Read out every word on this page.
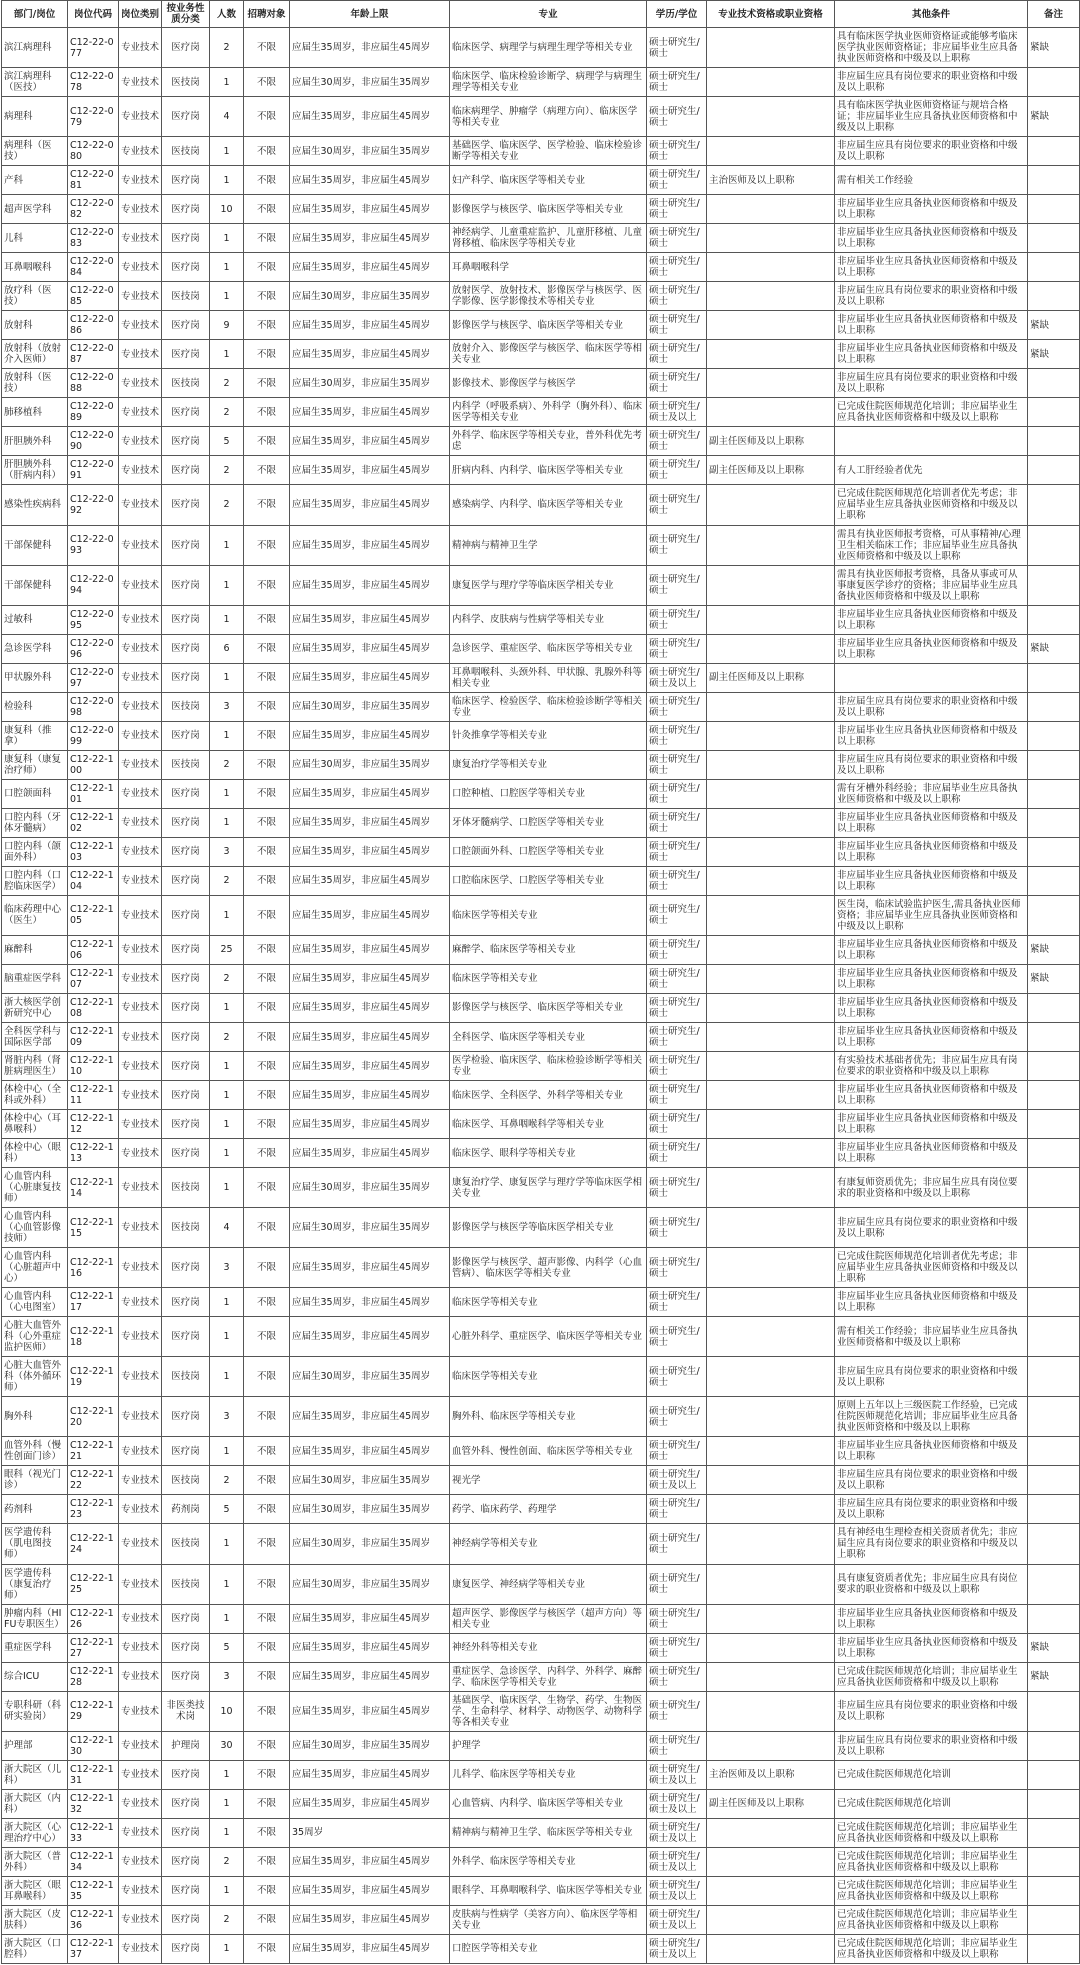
部门/岗位	岗位代码	岗位类别	按业务性质分类	人数	招聘对象	年龄上限	专业	学历/学位	专业技术资格或职业资格	其他条件	备注
滨江病理科	C12-22-077	专业技术	医疗岗	2	不限	应届生35周岁，非应届生45周岁	临床医学、病理学与病理生理学等相关专业	硕士研究生/硕士		具有临床医学执业医师资格证或能够考临床医学执业医师资格证；非应届毕业生应具备执业医师资格和中级及以上职称	紧缺
滨江病理科（医技）	C12-22-078	专业技术	医技岗	1	不限	应届生30周岁，非应届生35周岁	临床医学、临床检验诊断学、病理学与病理生理学等相关专业	硕士研究生/硕士		非应届生应具有岗位要求的职业资格和中级及以上职称	
病理科	C12-22-079	专业技术	医疗岗	4	不限	应届生35周岁，非应届生45周岁	临床病理学、肿瘤学（病理方向）、临床医学等相关专业	硕士研究生/硕士		具有临床医学执业医师资格证与规培合格证；非应届毕业生应具备执业医师资格和中级及以上职称	紧缺
病理科（医技）	C12-22-080	专业技术	医技岗	1	不限	应届生30周岁，非应届生35周岁	基础医学、临床医学、医学检验、临床检验诊断学等相关专业	硕士研究生/硕士		非应届生应具有岗位要求的职业资格和中级及以上职称	
产科	C12-22-081	专业技术	医疗岗	1	不限	应届生35周岁，非应届生45周岁	妇产科学、临床医学等相关专业	硕士研究生/硕士	主治医师及以上职称	需有相关工作经验	
超声医学科	C12-22-082	专业技术	医疗岗	10	不限	应届生35周岁，非应届生45周岁	影像医学与核医学、临床医学等相关专业	硕士研究生/硕士		非应届毕业生应具备执业医师资格和中级及以上职称	
儿科	C12-22-083	专业技术	医疗岗	1	不限	应届生35周岁，非应届生45周岁	神经病学、儿童重症监护、儿童肝移植、儿童肾移植、临床医学等相关专业	硕士研究生/硕士		非应届毕业生应具备执业医师资格和中级及以上职称	
耳鼻咽喉科	C12-22-084	专业技术	医疗岗	1	不限	应届生35周岁，非应届生45周岁	耳鼻咽喉科学	硕士研究生/硕士		非应届毕业生应具备执业医师资格和中级及以上职称	
放疗科（医技）	C12-22-085	专业技术	医技岗	1	不限	应届生30周岁，非应届生35周岁	放射医学、放射技术、影像医学与核医学、医学影像、医学影像技术等相关专业	硕士研究生/硕士		非应届生应具有岗位要求的职业资格和中级及以上职称	
放射科	C12-22-086	专业技术	医疗岗	9	不限	应届生35周岁，非应届生45周岁	影像医学与核医学、临床医学等相关专业	硕士研究生/硕士		非应届毕业生应具备执业医师资格和中级及以上职称	紧缺
放射科（放射介入医师）	C12-22-087	专业技术	医疗岗	1	不限	应届生35周岁，非应届生45周岁	放射介入、影像医学与核医学、临床医学等相关专业	硕士研究生/硕士		非应届毕业生应具备执业医师资格和中级及以上职称	紧缺
放射科（医技）	C12-22-088	专业技术	医技岗	2	不限	应届生30周岁，非应届生35周岁	影像技术、影像医学与核医学	硕士研究生/硕士		非应届生应具有岗位要求的职业资格和中级及以上职称	
肺移植科	C12-22-089	专业技术	医疗岗	2	不限	应届生35周岁，非应届生45周岁	内科学（呼吸系病）、外科学（胸外科）、临床医学等相关专业	硕士研究生/硕士及以上		已完成住院医师规范化培训；非应届毕业生应具备执业医师资格和中级及以上职称	
肝胆胰外科	C12-22-090	专业技术	医疗岗	5	不限	应届生35周岁，非应届生45周岁	外科学、临床医学等相关专业，普外科优先考虑	硕士研究生/硕士	副主任医师及以上职称		
肝胆胰外科（肝病内科）	C12-22-091	专业技术	医疗岗	2	不限	应届生35周岁，非应届生45周岁	肝病内科、内科学、临床医学等相关专业	硕士研究生/硕士	副主任医师及以上职称	有人工肝经验者优先	
感染性疾病科	C12-22-092	专业技术	医疗岗	2	不限	应届生35周岁，非应届生45周岁	感染病学、内科学、临床医学等相关专业	硕士研究生/硕士		已完成住院医师规范化培训者优先考虑；非应届毕业生应具备执业医师资格和中级及以上职称	
干部保健科	C12-22-093	专业技术	医疗岗	1	不限	应届生35周岁，非应届生45周岁	精神病与精神卫生学	硕士研究生/硕士		需具有执业医师报考资格，可从事精神/心理卫生相关临床工作；非应届毕业生应具备执业医师资格和中级及以上职称	
干部保健科	C12-22-094	专业技术	医疗岗	1	不限	应届生35周岁，非应届生45周岁	康复医学与理疗学等临床医学相关专业	硕士研究生/硕士		需具有执业医师报考资格，具备从事或可从事康复医学诊疗的资格；非应届毕业生应具备执业医师资格和中级及以上职称	
过敏科	C12-22-095	专业技术	医疗岗	1	不限	应届生35周岁，非应届生45周岁	内科学、皮肤病与性病学等相关专业	硕士研究生/硕士		非应届毕业生应具备执业医师资格和中级及以上职称	
急诊医学科	C12-22-096	专业技术	医疗岗	6	不限	应届生35周岁，非应届生45周岁	急诊医学、重症医学、临床医学等相关专业	硕士研究生/硕士		非应届毕业生应具备执业医师资格和中级及以上职称	紧缺
甲状腺外科	C12-22-097	专业技术	医疗岗	1	不限	应届生35周岁，非应届生45周岁	耳鼻咽喉科、头颈外科、甲状腺、乳腺外科等相关专业	硕士研究生/硕士及以上	副主任医师及以上职称		
检验科	C12-22-098	专业技术	医技岗	3	不限	应届生30周岁，非应届生35周岁	临床医学、检验医学、临床检验诊断学等相关专业	硕士研究生/硕士		非应届生应具有岗位要求的职业资格和中级及以上职称	
康复科（推拿）	C12-22-099	专业技术	医疗岗	1	不限	应届生35周岁，非应届生45周岁	针灸推拿学等相关专业	硕士研究生/硕士		非应届毕业生应具备执业医师资格和中级及以上职称	
康复科（康复治疗师）	C12-22-100	专业技术	医技岗	2	不限	应届生30周岁，非应届生35周岁	康复治疗学等相关专业	硕士研究生/硕士		非应届生应具有岗位要求的职业资格和中级及以上职称	
口腔颌面科	C12-22-101	专业技术	医疗岗	1	不限	应届生35周岁，非应届生45周岁	口腔种植、口腔医学等相关专业	硕士研究生/硕士		需有牙槽外科经验；非应届毕业生应具备执业医师资格和中级及以上职称	
口腔内科（牙体牙髓病）	C12-22-102	专业技术	医疗岗	1	不限	应届生35周岁，非应届生45周岁	牙体牙髓病学、口腔医学等相关专业	硕士研究生/硕士		非应届毕业生应具备执业医师资格和中级及以上职称	
口腔内科（颌面外科）	C12-22-103	专业技术	医疗岗	3	不限	应届生35周岁，非应届生45周岁	口腔颌面外科、口腔医学等相关专业	硕士研究生/硕士		非应届毕业生应具备执业医师资格和中级及以上职称	
口腔内科（口腔临床医学）	C12-22-104	专业技术	医疗岗	2	不限	应届生35周岁，非应届生45周岁	口腔临床医学、口腔医学等相关专业	硕士研究生/硕士		非应届毕业生应具备执业医师资格和中级及以上职称	
临床药理中心（医生）	C12-22-105	专业技术	医疗岗	1	不限	应届生35周岁，非应届生45周岁	临床医学等相关专业	硕士研究生/硕士		医生岗，临床试验监护医生,需具备执业医师资格；非应届毕业生应具备执业医师资格和中级及以上职称	
麻醉科	C12-22-106	专业技术	医疗岗	25	不限	应届生35周岁，非应届生45周岁	麻醉学、临床医学等相关专业	硕士研究生/硕士		非应届毕业生应具备执业医师资格和中级及以上职称	紧缺
脑重症医学科	C12-22-107	专业技术	医疗岗	2	不限	应届生35周岁，非应届生45周岁	临床医学等相关专业	硕士研究生/硕士		非应届毕业生应具备执业医师资格和中级及以上职称	紧缺
浙大核医学创新研究中心	C12-22-108	专业技术	医疗岗	1	不限	应届生35周岁，非应届生45周岁	影像医学与核医学、临床医学等相关专业	硕士研究生/硕士		非应届毕业生应具备执业医师资格和中级及以上职称	
全科医学科与国际医学部	C12-22-109	专业技术	医疗岗	2	不限	应届生35周岁，非应届生45周岁	全科医学、临床医学等相关专业	硕士研究生/硕士		非应届毕业生应具备执业医师资格和中级及以上职称	
肾脏内科（肾脏病理医生）	C12-22-110	专业技术	医疗岗	1	不限	应届生35周岁，非应届生45周岁	医学检验、临床医学、临床检验诊断学等相关专业	硕士研究生/硕士		有实验技术基础者优先；非应届生应具有岗位要求的职业资格和中级及以上职称	
体检中心（全科或外科）	C12-22-111	专业技术	医疗岗	1	不限	应届生35周岁，非应届生45周岁	临床医学、全科医学、外科学等相关专业	硕士研究生/硕士		非应届毕业生应具备执业医师资格和中级及以上职称	
体检中心（耳鼻喉科）	C12-22-112	专业技术	医疗岗	1	不限	应届生35周岁，非应届生45周岁	临床医学、耳鼻咽喉科学等相关专业	硕士研究生/硕士		非应届毕业生应具备执业医师资格和中级及以上职称	
体检中心（眼科）	C12-22-113	专业技术	医疗岗	1	不限	应届生35周岁，非应届生45周岁	临床医学、眼科学等相关专业	硕士研究生/硕士		非应届毕业生应具备执业医师资格和中级及以上职称	
心血管内科（心脏康复技师）	C12-22-114	专业技术	医技岗	1	不限	应届生30周岁，非应届生35周岁	康复治疗学、康复医学与理疗学等临床医学相关专业	硕士研究生/硕士		有康复师资质优先；非应届生应具有岗位要求的职业资格和中级及以上职称	
心血管内科（心血管影像技师）	C12-22-115	专业技术	医技岗	4	不限	应届生30周岁，非应届生35周岁	影像医学与核医学等临床医学相关专业	硕士研究生/硕士		非应届生应具有岗位要求的职业资格和中级及以上职称	
心血管内科（心脏超声中心）	C12-22-116	专业技术	医疗岗	3	不限	应届生35周岁，非应届生45周岁	影像医学与核医学、超声影像、内科学（心血管病）、临床医学等相关专业	硕士研究生/硕士		已完成住院医师规范化培训者优先考虑；非应届毕业生应具备执业医师资格和中级及以上职称	
心血管内科（心电图室）	C12-22-117	专业技术	医疗岗	1	不限	应届生35周岁，非应届生45周岁	临床医学等相关专业	硕士研究生/硕士		非应届毕业生应具备执业医师资格和中级及以上职称	
心脏大血管外科（心外重症监护医师）	C12-22-118	专业技术	医疗岗	1	不限	应届生35周岁，非应届生45周岁	心脏外科学、重症医学、临床医学等相关专业	硕士研究生/硕士		需有相关工作经验；非应届毕业生应具备执业医师资格和中级及以上职称	
心脏大血管外科（体外循环师）	C12-22-119	专业技术	医技岗	1	不限	应届生30周岁，非应届生35周岁	临床医学等相关专业	硕士研究生/硕士		非应届生应具有岗位要求的职业资格和中级及以上职称	
胸外科	C12-22-120	专业技术	医疗岗	3	不限	应届生35周岁，非应届生45周岁	胸外科、临床医学等相关专业	硕士研究生/硕士		原则上五年以上三级医院工作经验，已完成住院医师规范化培训；非应届毕业生应具备执业医师资格和中级及以上职称	
血管外科（慢性创面门诊）	C12-22-121	专业技术	医疗岗	1	不限	应届生35周岁，非应届生45周岁	血管外科、慢性创面、临床医学等相关专业	硕士研究生/硕士		非应届毕业生应具备执业医师资格和中级及以上职称	
眼科（视光门诊）	C12-22-122	专业技术	医技岗	2	不限	应届生30周岁，非应届生35周岁	视光学	硕士研究生/硕士及以上		非应届生应具有岗位要求的职业资格和中级及以上职称	
药剂科	C12-22-123	专业技术	药剂岗	5	不限	应届生30周岁，非应届生35周岁	药学、临床药学、药理学	硕士研究生/硕士		非应届生应具有岗位要求的职业资格和中级及以上职称	
医学遗传科（肌电图技师）	C12-22-124	专业技术	医技岗	1	不限	应届生30周岁，非应届生35周岁	神经病学等相关专业	硕士研究生/硕士		具有神经电生理检查相关资质者优先；非应届生应具有岗位要求的职业资格和中级及以上职称	
医学遗传科（康复治疗师）	C12-22-125	专业技术	医技岗	1	不限	应届生30周岁，非应届生35周岁	康复医学、神经病学等相关专业	硕士研究生/硕士		具有康复资质者优先；非应届生应具有岗位要求的职业资格和中级及以上职称	
肿瘤内科（HIFU专职医生）	C12-22-126	专业技术	医疗岗	1	不限	应届生35周岁，非应届生45周岁	超声医学、影像医学与核医学（超声方向）等相关专业	硕士研究生/硕士		非应届毕业生应具备执业医师资格和中级及以上职称	
重症医学科	C12-22-127	专业技术	医疗岗	5	不限	应届生35周岁，非应届生45周岁	神经外科等相关专业	硕士研究生/硕士		非应届毕业生应具备执业医师资格和中级及以上职称	紧缺
综合ICU	C12-22-128	专业技术	医疗岗	3	不限	应届生35周岁，非应届生45周岁	重症医学、急诊医学、内科学、外科学、麻醉学、临床医学等相关专业	硕士研究生/硕士		已完成住院医师规范化培训；非应届毕业生应具备执业医师资格和中级及以上职称	紧缺
专职科研（科研实验岗）	C12-22-129	专业技术	非医类技术岗	10	不限	应届生35周岁，非应届生45周岁	基础医学、临床医学、生物学、药学、生物医学、生命科学、材料学、动物医学、动物科学等各相关专业	硕士研究生/硕士		非应届生应具有岗位要求的职业资格和中级及以上职称	
护理部	C12-22-130	专业技术	护理岗	30	不限	应届生30周岁，非应届生35周岁	护理学	硕士研究生/硕士		非应届生应具有岗位要求的职业资格和中级及以上职称	
浙大院区（儿科）	C12-22-131	专业技术	医疗岗	1	不限	应届生35周岁，非应届生45周岁	儿科学、临床医学等相关专业	硕士研究生/硕士及以上	主治医师及以上职称	已完成住院医师规范化培训	
浙大院区（内科）	C12-22-132	专业技术	医疗岗	1	不限	应届生35周岁，非应届生45周岁	心血管病、内科学、临床医学等相关专业	硕士研究生/硕士及以上	副主任医师及以上职称	已完成住院医师规范化培训	
浙大院区（心理治疗中心）	C12-22-133	专业技术	医疗岗	1	不限	35周岁	精神病与精神卫生学、临床医学等相关专业	硕士研究生/硕士及以上		已完成住院医师规范化培训；非应届毕业生应具备执业医师资格和中级及以上职称	
浙大院区（普外科）	C12-22-134	专业技术	医疗岗	2	不限	应届生35周岁，非应届生45周岁	外科学、临床医学等相关专业	硕士研究生/硕士及以上		已完成住院医师规范化培训；非应届毕业生应具备执业医师资格和中级及以上职称	
浙大院区（眼耳鼻喉科）	C12-22-135	专业技术	医疗岗	1	不限	应届生35周岁，非应届生45周岁	眼科学、耳鼻咽喉科学、临床医学等相关专业	硕士研究生/硕士及以上		已完成住院医师规范化培训；非应届毕业生应具备执业医师资格和中级及以上职称	
浙大院区（皮肤科）	C12-22-136	专业技术	医疗岗	2	不限	应届生35周岁，非应届生45周岁	皮肤病与性病学（美容方向）、临床医学等相关专业	硕士研究生/硕士及以上		已完成住院医师规范化培训；非应届毕业生应具备执业医师资格和中级及以上职称	
浙大院区（口腔科）	C12-22-137	专业技术	医疗岗	1	不限	应届生35周岁，非应届生45周岁	口腔医学等相关专业	硕士研究生/硕士及以上		已完成住院医师规范化培训；非应届毕业生应具备执业医师资格和中级及以上职称	
